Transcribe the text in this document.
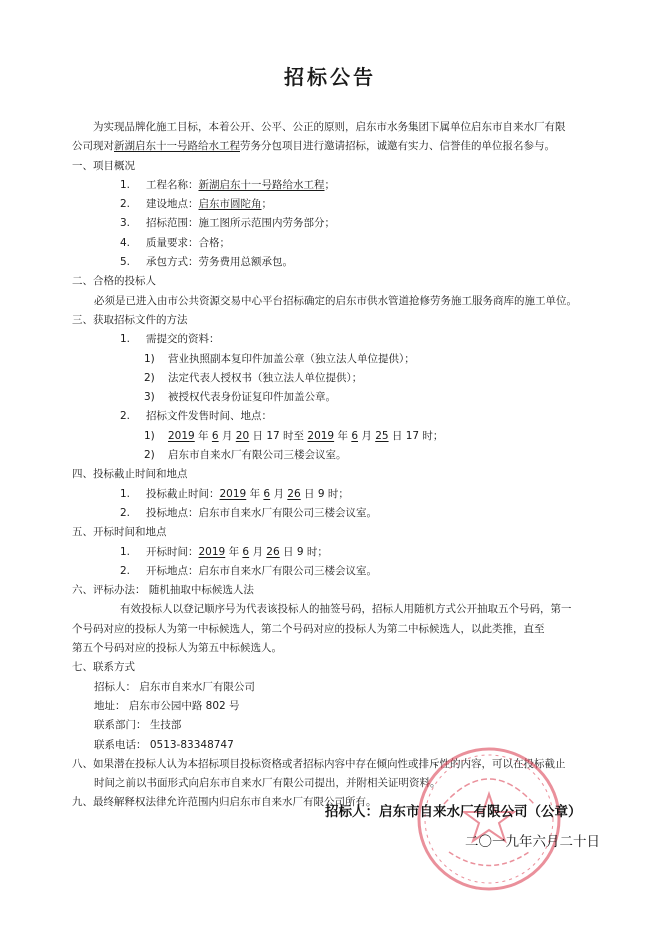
招标公告
为实现品牌化施工目标，本着公开、公平、公正的原则，启东市水务集团下属单位启东市自来水厂有限
公司现对新湖启东十一号路给水工程劳务分包项目进行邀请招标，诚邀有实力、信誉佳的单位报名参与。
一、项目概况
1. 工程名称：新湖启东十一号路给水工程；
2. 建设地点：启东市圆陀角；
3. 招标范围：施工图所示范围内劳务部分；
4. 质量要求：合格；
5. 承包方式：劳务费用总额承包。
二、合格的投标人
必须是已进入由市公共资源交易中心平台招标确定的启东市供水管道抢修劳务施工服务商库的施工单位。
三、获取招标文件的方法
1. 需提交的资料：
1) 营业执照副本复印件加盖公章（独立法人单位提供）；
2) 法定代表人授权书（独立法人单位提供）；
3) 被授权代表身份证复印件加盖公章。
2. 招标文件发售时间、地点：
1) 2019 年 6 月 20 日 17 时至 2019 年 6 月 25 日 17 时；
2) 启东市自来水厂有限公司三楼会议室。
四、投标截止时间和地点
1. 投标截止时间：2019 年 6 月 26 日 9 时；
2. 投标地点：启东市自来水厂有限公司三楼会议室。
五、开标时间和地点
1. 开标时间：2019 年 6 月 26 日 9 时；
2. 开标地点：启东市自来水厂有限公司三楼会议室。
六、评标办法： 随机抽取中标候选人法
有效投标人以登记顺序号为代表该投标人的抽签号码，招标人用随机方式公开抽取五个号码，第一
个号码对应的投标人为第一中标候选人，第二个号码对应的投标人为第二中标候选人，以此类推，直至
第五个号码对应的投标人为第五中标候选人。
七、联系方式
招标人： 启东市自来水厂有限公司
地址： 启东市公园中路 802 号
联系部门： 生技部
联系电话： 0513-83348747
八、如果潜在投标人认为本招标项目投标资格或者招标内容中存在倾向性或排斥性的内容，可以在投标截止
时间之前以书面形式向启东市自来水厂有限公司提出，并附相关证明资料。
九、最终解释权法律允许范围内归启东市自来水厂有限公司所有。
招标人：启东市自来水厂有限公司（公章）
二〇一九年六月二十日
